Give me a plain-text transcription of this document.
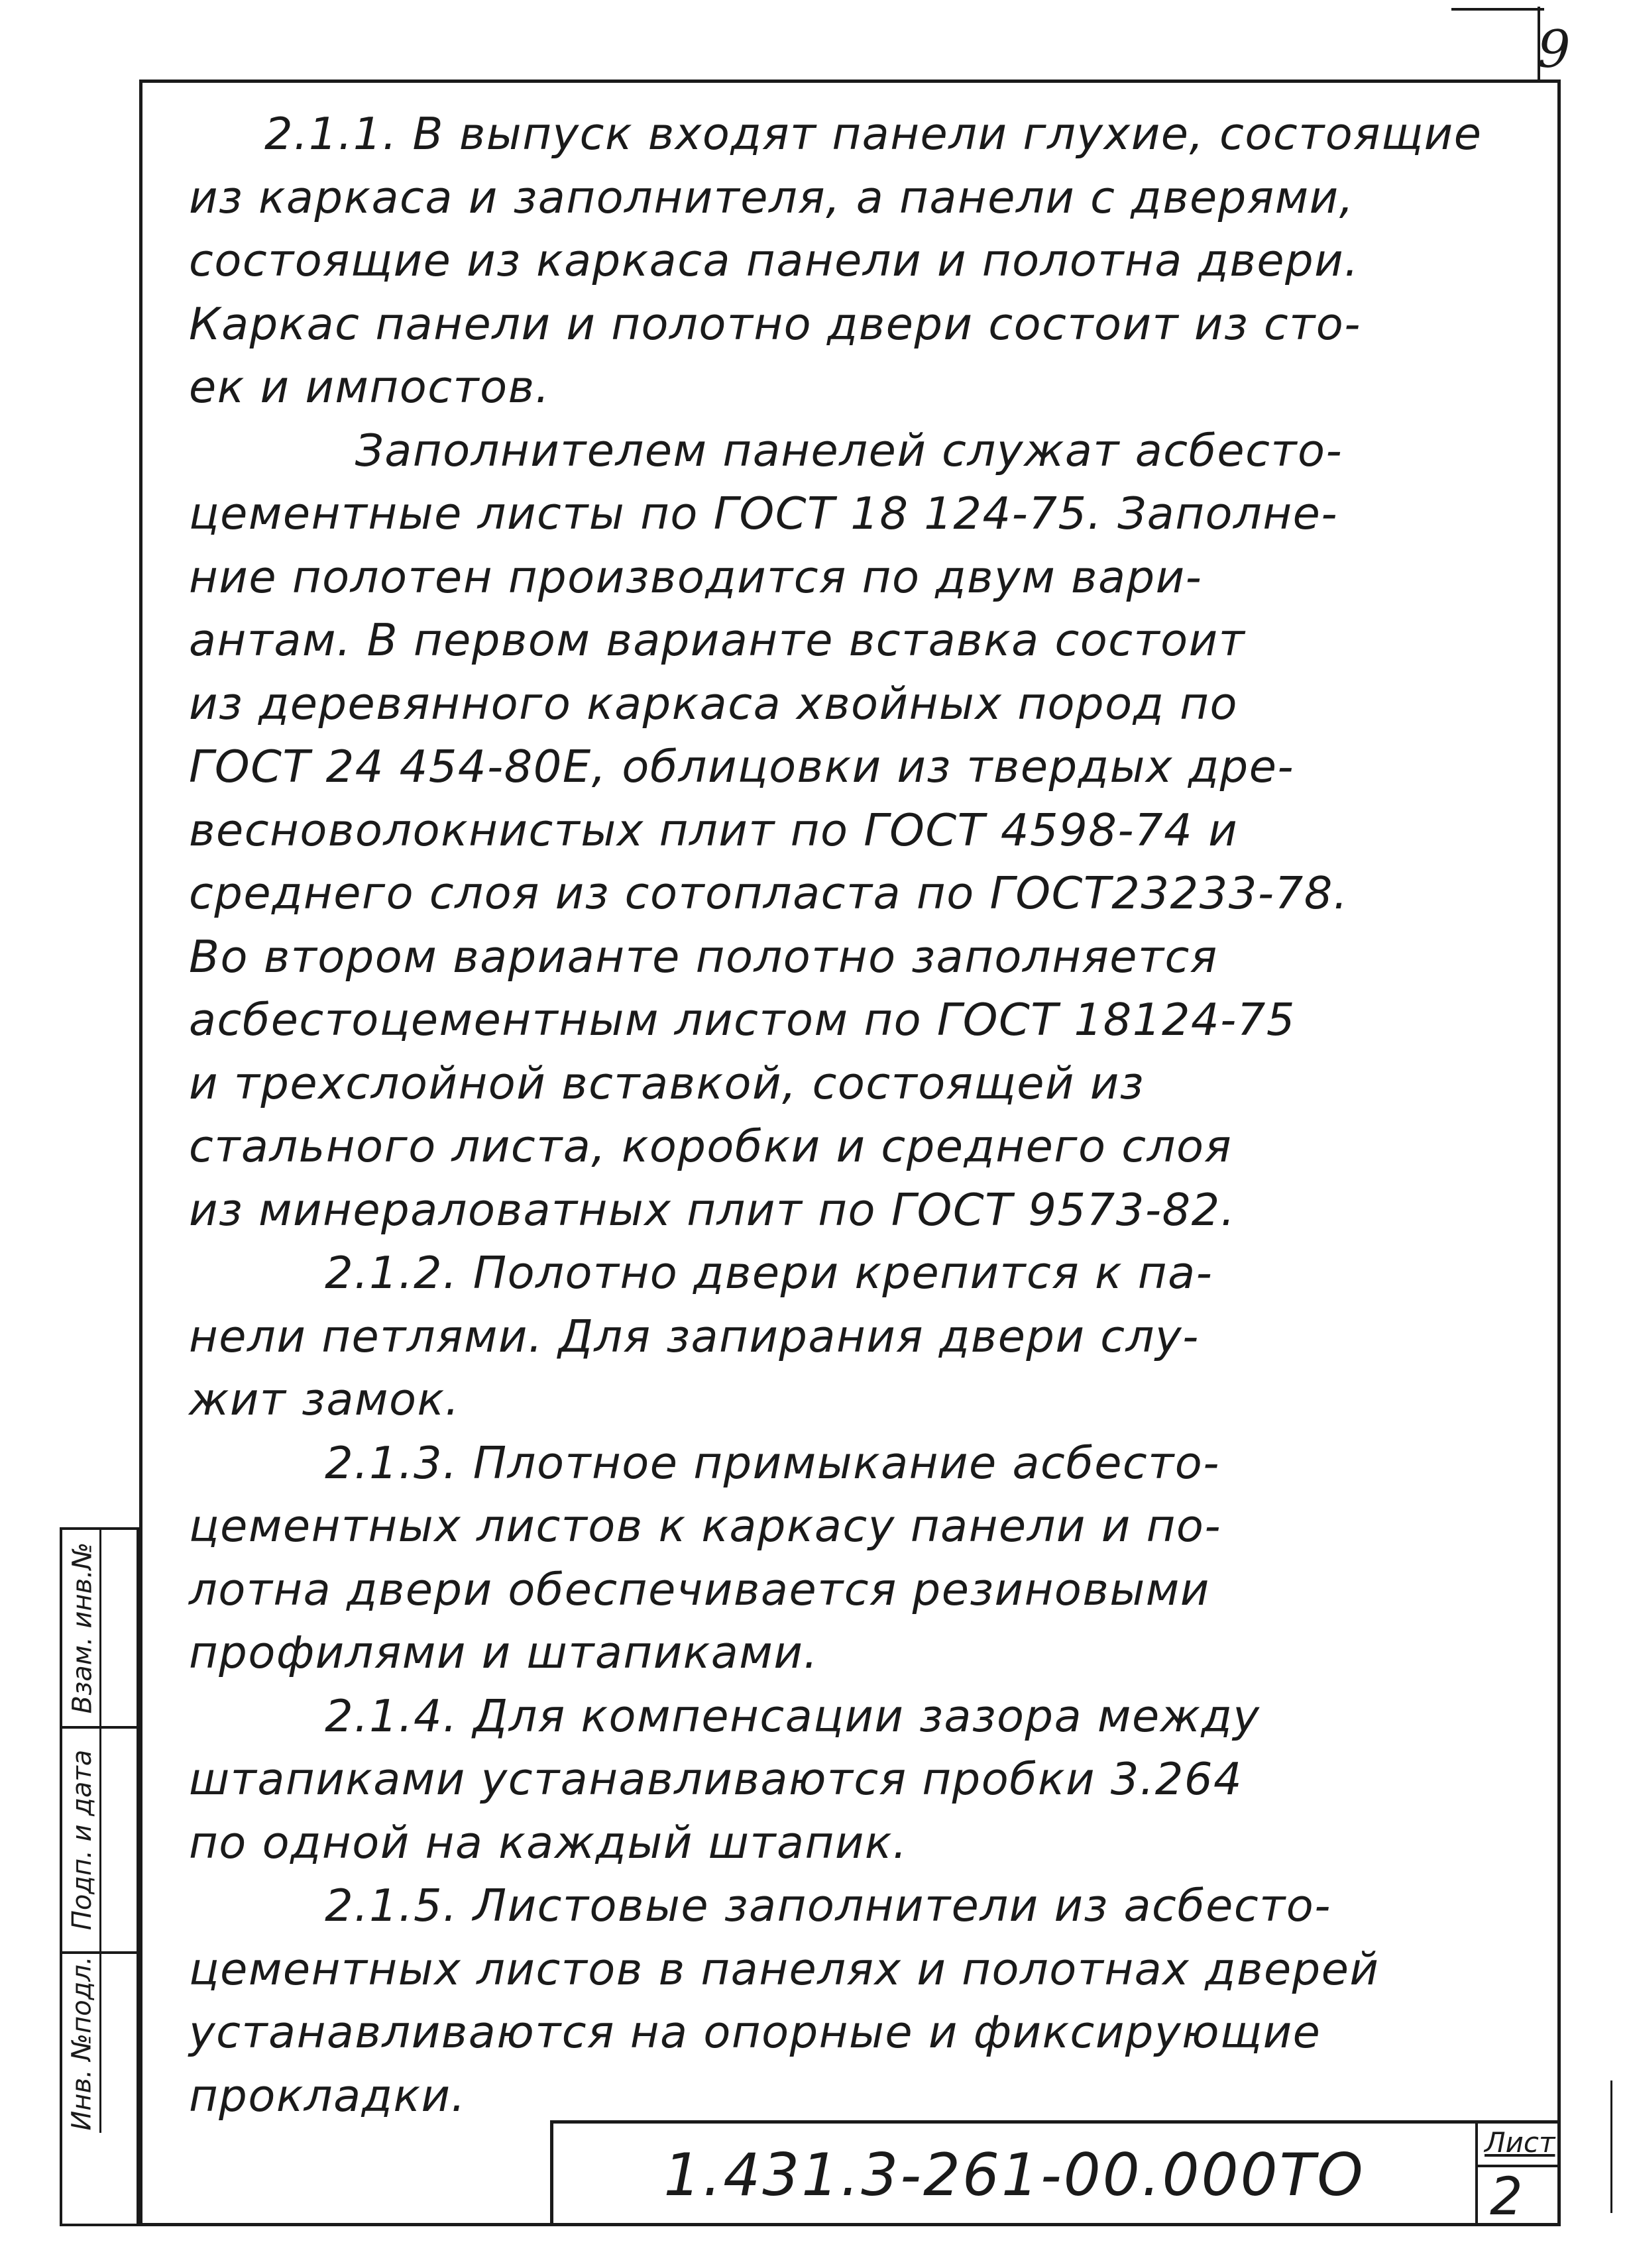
9
2.1.1. В выпуск входят панели глухие, состоящие
из каркаса и заполнителя, а панели с дверями,
состоящие из каркаса панели и полотна двери.
Каркас панели и полотно двери состоит из сто-
ек и импостов.
Заполнителем панелей служат асбесто-
цементные листы по ГОСТ 18 124-75. Заполне-
ние полотен производится по двум вари-
антам. В первом варианте вставка состоит
из деревянного каркаса хвойных пород по
ГОСТ 24 454-80Е, облицовки из твердых дре-
весноволокнистых плит по ГОСТ 4598-74 и
среднего слоя из сотопласта по ГОСТ23233-78.
Во втором варианте полотно заполняется
асбестоцементным листом по ГОСТ 18124-75
и трехслойной вставкой, состоящей из
стального листа, коробки и среднего слоя
из минераловатных плит по ГОСТ 9573-82.
2.1.2. Полотно двери крепится к па-
нели петлями. Для запирания двери слу-
жит замок.
2.1.3. Плотное примыкание асбесто-
цементных листов к каркасу панели и по-
лотна двери обеспечивается резиновыми
профилями и штапиками.
2.1.4. Для компенсации зазора между
штапиками устанавливаются пробки 3.264
по одной на каждый штапик.
2.1.5. Листовые заполнители из асбесто-
цементных листов в панелях и полотнах дверей
устанавливаются на опорные и фиксирующие
прокладки.

Взам. инв.№
Подп. и дата
Инв. №подл.
1.431.3-261-00.000ТО	Лист
2
